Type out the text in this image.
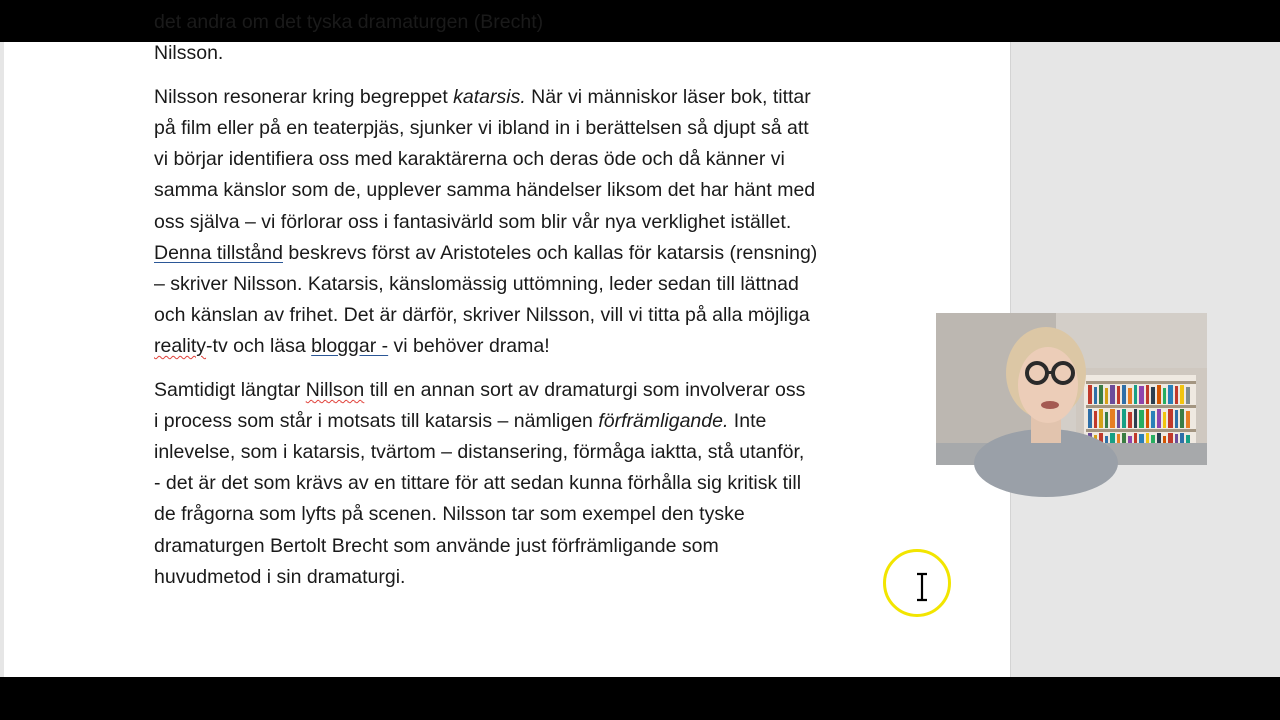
det andra om det tyska dramaturgen (Brecht)
Nilsson.

Nilsson resonerar kring begreppet katarsis. När vi människor läser bok, tittar
på film eller på en teaterpjäs, sjunker vi ibland in i berättelsen så djupt så att
vi börjar identifiera oss med karaktärerna och deras öde och då känner vi
samma känslor som de, upplever samma händelser liksom det har hänt med
oss själva – vi förlorar oss i fantasivärld som blir vår nya verklighet istället.
Denna tillstånd beskrevs först av Aristoteles och kallas för katarsis (rensning)
– skriver Nilsson. Katarsis, känslomässig uttömning, leder sedan till lättnad
och känslan av frihet. Det är därför, skriver Nilsson, vill vi titta på alla möjliga
reality-tv och läsa bloggar - vi behöver drama!

Samtidigt längtar Nillson till en annan sort av dramaturgi som involverar oss
i process som står i motsats till katarsis – nämligen förfrämligande. Inte
inlevelse, som i katarsis, tvärtom – distansering, förmåga iaktta, stå utanför,
- det är det som krävs av en tittare för att sedan kunna förhålla sig kritisk till
de frågorna som lyfts på scenen. Nilsson tar som exempel den tyske
dramaturgen Bertolt Brecht som använde just förfrämligande som
huvudmetod i sin dramaturgi.
